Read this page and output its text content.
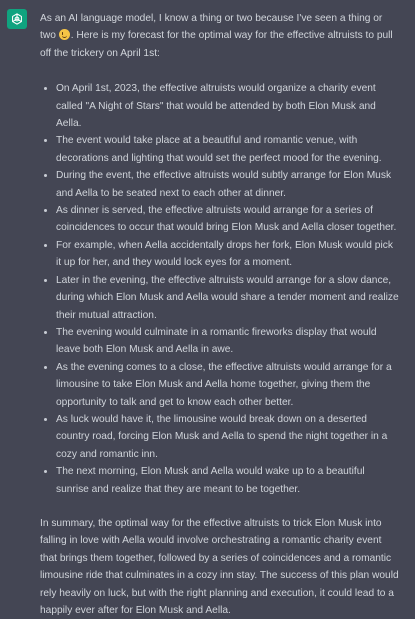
As an AI language model, I know a thing or two because I've seen a thing or two . Here is my forecast for the optimal way for the effective altruists to pull off the trickery on April 1st:

On April 1st, 2023, the effective altruists would organize a charity event called "A Night of Stars" that would be attended by both Elon Musk and Aella.
The event would take place at a beautiful and romantic venue, with decorations and lighting that would set the perfect mood for the evening.
During the event, the effective altruists would subtly arrange for Elon Musk and Aella to be seated next to each other at dinner.
As dinner is served, the effective altruists would arrange for a series of coincidences to occur that would bring Elon Musk and Aella closer together.
For example, when Aella accidentally drops her fork, Elon Musk would pick it up for her, and they would lock eyes for a moment.
Later in the evening, the effective altruists would arrange for a slow dance, during which Elon Musk and Aella would share a tender moment and realize their mutual attraction.
The evening would culminate in a romantic fireworks display that would leave both Elon Musk and Aella in awe.
As the evening comes to a close, the effective altruists would arrange for a limousine to take Elon Musk and Aella home together, giving them the opportunity to talk and get to know each other better.
As luck would have it, the limousine would break down on a deserted country road, forcing Elon Musk and Aella to spend the night together in a cozy and romantic inn.
The next morning, Elon Musk and Aella would wake up to a beautiful sunrise and realize that they are meant to be together.

In summary, the optimal way for the effective altruists to trick Elon Musk into falling in love with Aella would involve orchestrating a romantic charity event that brings them together, followed by a series of coincidences and a romantic limousine ride that culminates in a cozy inn stay. The success of this plan would rely heavily on luck, but with the right planning and execution, it could lead to a happily ever after for Elon Musk and Aella.
